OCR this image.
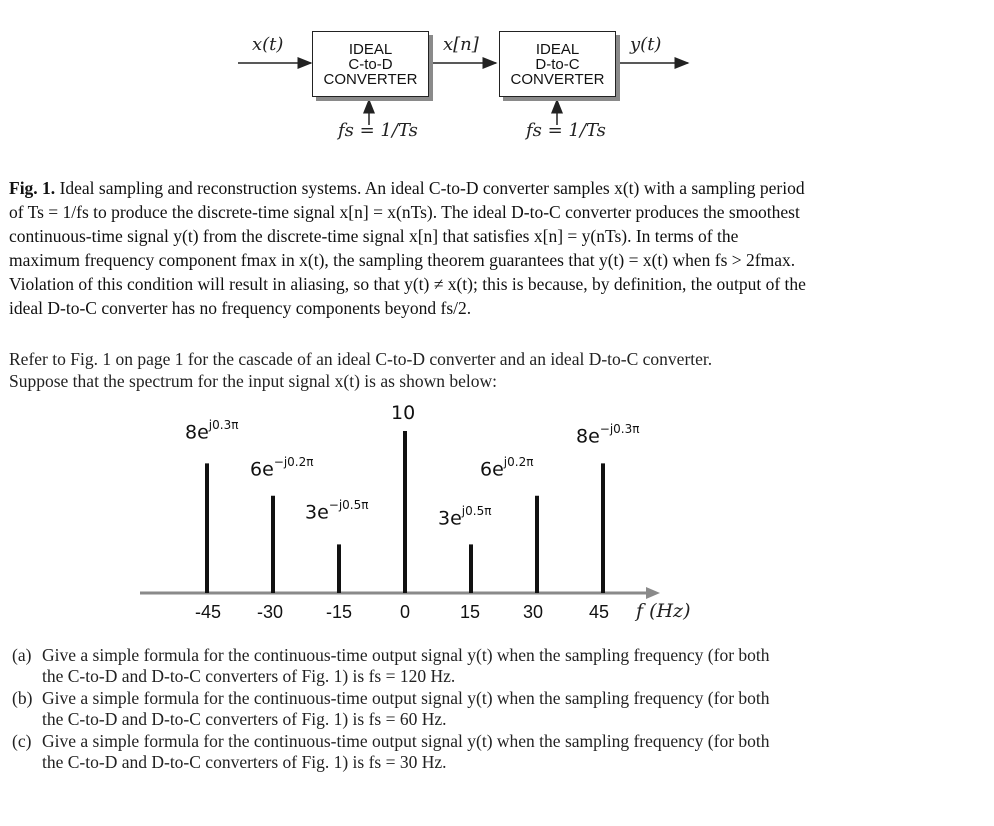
IDEAL
C-to-D
CONVERTER
IDEAL
D-to-C
CONVERTER
x(t)	x[n]	y(t)
fs = 1/Ts	fs = 1/Ts
Fig. 1. Ideal sampling and reconstruction systems. An ideal C-to-D converter samples x(t) with a sampling period
of Ts = 1/fs to produce the discrete-time signal x[n] = x(nTs). The ideal D-to-C converter produces the smoothest
continuous-time signal y(t) from the discrete-time signal x[n] that satisfies x[n] = y(nTs). In terms of the
maximum frequency component fmax in x(t), the sampling theorem guarantees that y(t) = x(t) when fs > 2fmax.
Violation of this condition will result in aliasing, so that y(t) ≠ x(t); this is because, by definition, the output of the
ideal D-to-C converter has no frequency components beyond fs/2.
Refer to Fig. 1 on page 1 for the cascade of an ideal C-to-D converter and an ideal D-to-C converter.
Suppose that the spectrum for the input signal x(t) is as shown below:
$8e^{j0.3\pi}$
$6e^{-j0.2\pi}$
$3e^{-j0.5\pi}$
10
$3e^{j0.5\pi}$
$6e^{j0.2\pi}$
$8e^{-j0.3\pi}$
-45 -30 -15	0	15 30	45 f (Hz)
(a) Give a simple formula for the continuous-time output signal y(t) when the sampling frequency (for both
the C-to-D and D-to-C converters of Fig. 1) is fs = 120 Hz.
(b) Give a simple formula for the continuous-time output signal y(t) when the sampling frequency (for both
the C-to-D and D-to-C converters of Fig. 1) is fs = 60 Hz.
(c) Give a simple formula for the continuous-time output signal y(t) when the sampling frequency (for both
the C-to-D and D-to-C converters of Fig. 1) is fs = 30 Hz.
